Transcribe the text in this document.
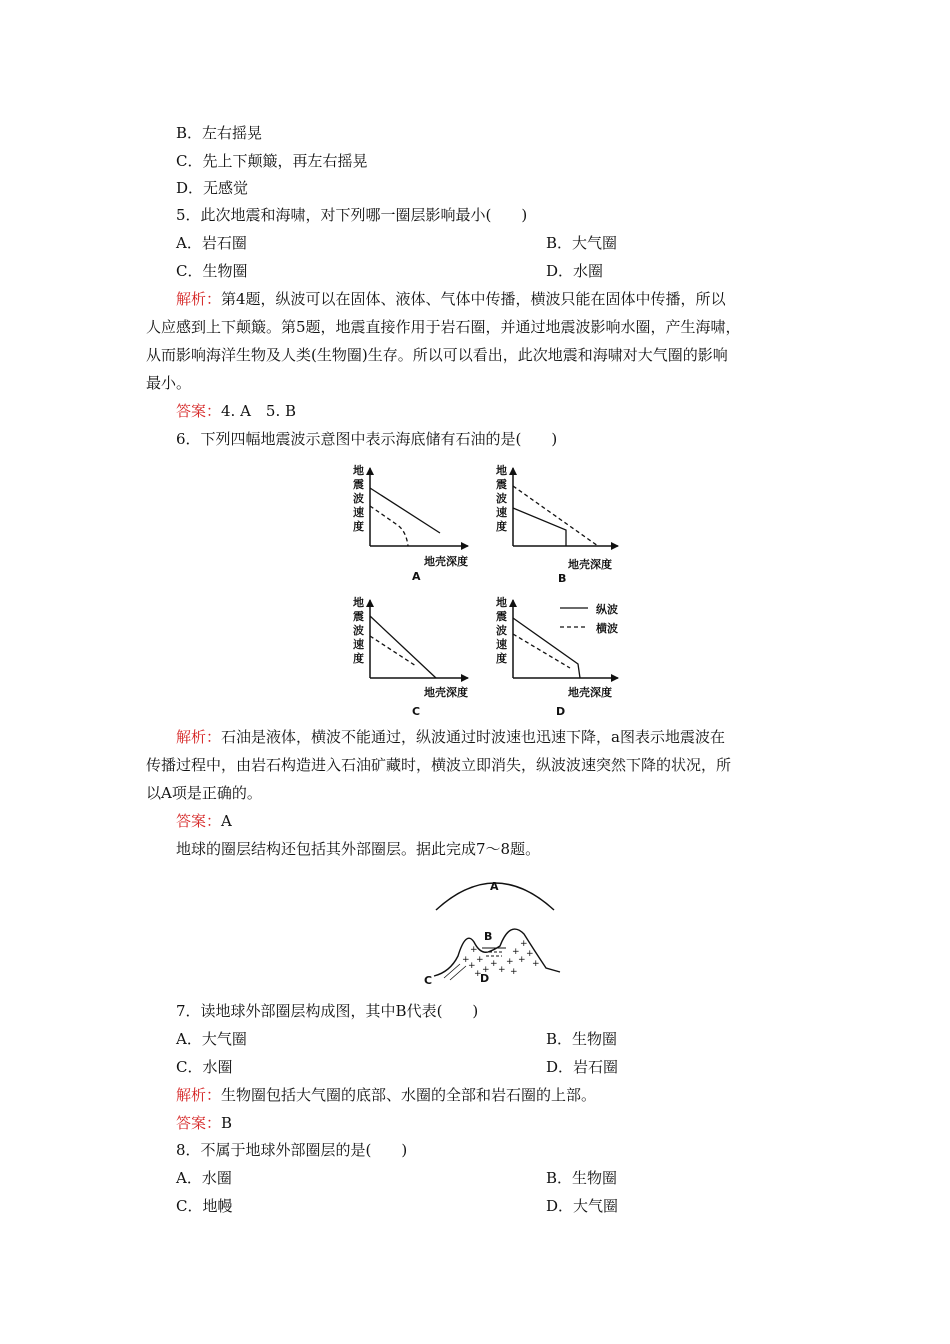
B．左右摇晃
C．先上下颠簸，再左右摇晃
D．无感觉
5．此次地震和海啸，对下列哪一圈层影响最小(　　)
A．岩石圈	B．大气圈
C．生物圈	D．水圈
解析：第4题，纵波可以在固体、液体、气体中传播，横波只能在固体中传播，所以
人应感到上下颠簸。第5题，地震直接作用于岩石圈，并通过地震波影响水圈，产生海啸，
从而影响海洋生物及人类(生物圈)生存。所以可以看出，此次地震和海啸对大气圈的影响
最小。
答案：4. A　5. B
6．下列四幅地震波示意图中表示海底储有石油的是(　　)
地
震
波
速
度
地
震
波
速
度
地
震
波
速
度
地
震
波
速
度
地壳深度	地壳深度
地壳深度	地壳深度
A	B
C	D
纵波
横波
解析：石油是液体，横波不能通过，纵波通过时波速也迅速下降，a图表示地震波在
传播过程中，由岩石构造进入石油矿藏时，横波立即消失，纵波波速突然下降的状况，所
以A项是正确的。
答案：A
地球的圈层结构还包括其外部圈层。据此完成7～8题。
+
+
+
+
+
+
+
+
+
+
+
+
+
+	+
A
B
C	D
7．读地球外部圈层构成图，其中B代表(　　)
A．大气圈	B．生物圈
C．水圈	D．岩石圈
解析：生物圈包括大气圈的底部、水圈的全部和岩石圈的上部。
答案：B
8．不属于地球外部圈层的是(　　)
A．水圈	B．生物圈
C．地幔	D．大气圈
